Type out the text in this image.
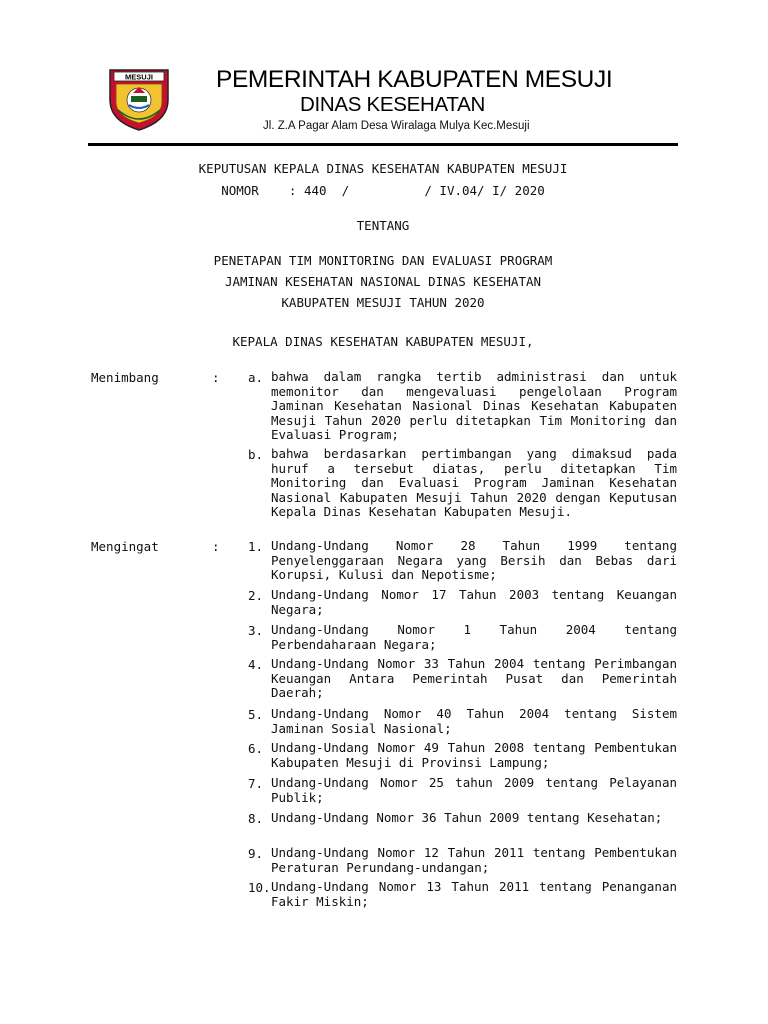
MESUJI	PEMERINTAH KABUPATEN MESUJI
DINAS KESEHATAN
Jl. Z.A Pagar Alam Desa Wiralaga Mulya Kec.Mesuji
KEPUTUSAN KEPALA DINAS KESEHATAN KABUPATEN MESUJI
NOMOR    : 440  /          / IV.04/ I/ 2020
TENTANG
PENETAPAN TIM MONITORING DAN EVALUASI PROGRAM
JAMINAN KESEHATAN NASIONAL DINAS KESEHATAN
KABUPATEN MESUJI TAHUN 2020
KEPALA DINAS KESEHATAN KABUPATEN MESUJI,
Menimbang	: a. bahwa dalam rangka tertib administrasi dan untuk memonitor dan mengevaluasi pengelolaan Program Jaminan Kesehatan Nasional Dinas Kesehatan Kabupaten Mesuji Tahun 2020 perlu ditetapkan Tim Monitoring dan Evaluasi Program;
b. bahwa berdasarkan pertimbangan yang dimaksud pada huruf a tersebut diatas, perlu ditetapkan Tim Monitoring dan Evaluasi Program Jaminan Kesehatan Nasional Kabupaten Mesuji Tahun 2020 dengan Keputusan Kepala Dinas Kesehatan Kabupaten Mesuji.
Mengingat	: 1. Undang-Undang Nomor 28 Tahun 1999 tentang Penyelenggaraan Negara yang Bersih dan Bebas dari Korupsi, Kulusi dan Nepotisme;
2. Undang-Undang Nomor 17 Tahun 2003 tentang Keuangan Negara;
3. Undang-Undang Nomor 1 Tahun 2004 tentang Perbendaharaan Negara;
4. Undang-Undang Nomor 33 Tahun 2004 tentang Perimbangan Keuangan Antara Pemerintah Pusat dan Pemerintah Daerah;
5. Undang-Undang Nomor 40 Tahun 2004 tentang Sistem Jaminan Sosial Nasional;
6. Undang-Undang Nomor 49 Tahun 2008 tentang Pembentukan Kabupaten Mesuji di Provinsi Lampung;
7. Undang-Undang Nomor 25 tahun 2009 tentang Pelayanan Publik;
8. Undang-Undang Nomor 36 Tahun 2009 tentang Kesehatan;
9. Undang-Undang Nomor 12 Tahun 2011 tentang Pembentukan Peraturan Perundang-undangan;
10. Undang-Undang Nomor 13 Tahun 2011 tentang Penanganan Fakir Miskin;
